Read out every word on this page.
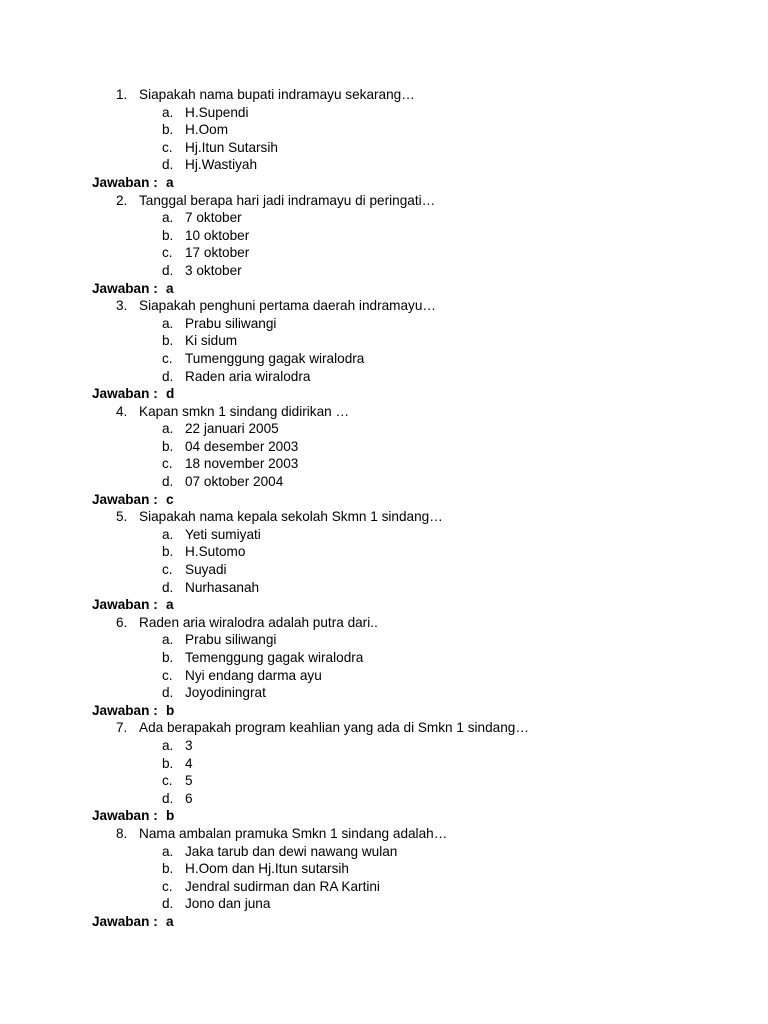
1. Siapakah nama bupati indramayu sekarang…
a. H.Supendi
b. H.Oom
c. Hj.Itun Sutarsih
d. Hj.Wastiyah
Jawaban : a
2. Tanggal berapa hari jadi indramayu di peringati…
a. 7 oktober
b. 10 oktober
c. 17 oktober
d. 3 oktober
Jawaban : a
3. Siapakah penghuni pertama daerah indramayu…
a. Prabu siliwangi
b. Ki sidum
c. Tumenggung gagak wiralodra
d. Raden aria wiralodra
Jawaban : d
4. Kapan smkn 1 sindang didirikan …
a. 22 januari 2005
b. 04 desember 2003
c. 18 november 2003
d. 07 oktober 2004
Jawaban : c
5. Siapakah nama kepala sekolah Skmn 1 sindang…
a. Yeti sumiyati
b. H.Sutomo
c. Suyadi
d. Nurhasanah
Jawaban : a
6. Raden aria wiralodra adalah putra dari..
a. Prabu siliwangi
b. Temenggung gagak wiralodra
c. Nyi endang darma ayu
d. Joyodiningrat
Jawaban : b
7. Ada berapakah program keahlian yang ada di Smkn 1 sindang…
a. 3
b. 4
c. 5
d. 6
Jawaban : b
8. Nama ambalan pramuka Smkn 1 sindang adalah…
a. Jaka tarub dan dewi nawang wulan
b. H.Oom dan Hj.Itun sutarsih
c. Jendral sudirman dan RA Kartini
d. Jono dan juna
Jawaban : a
